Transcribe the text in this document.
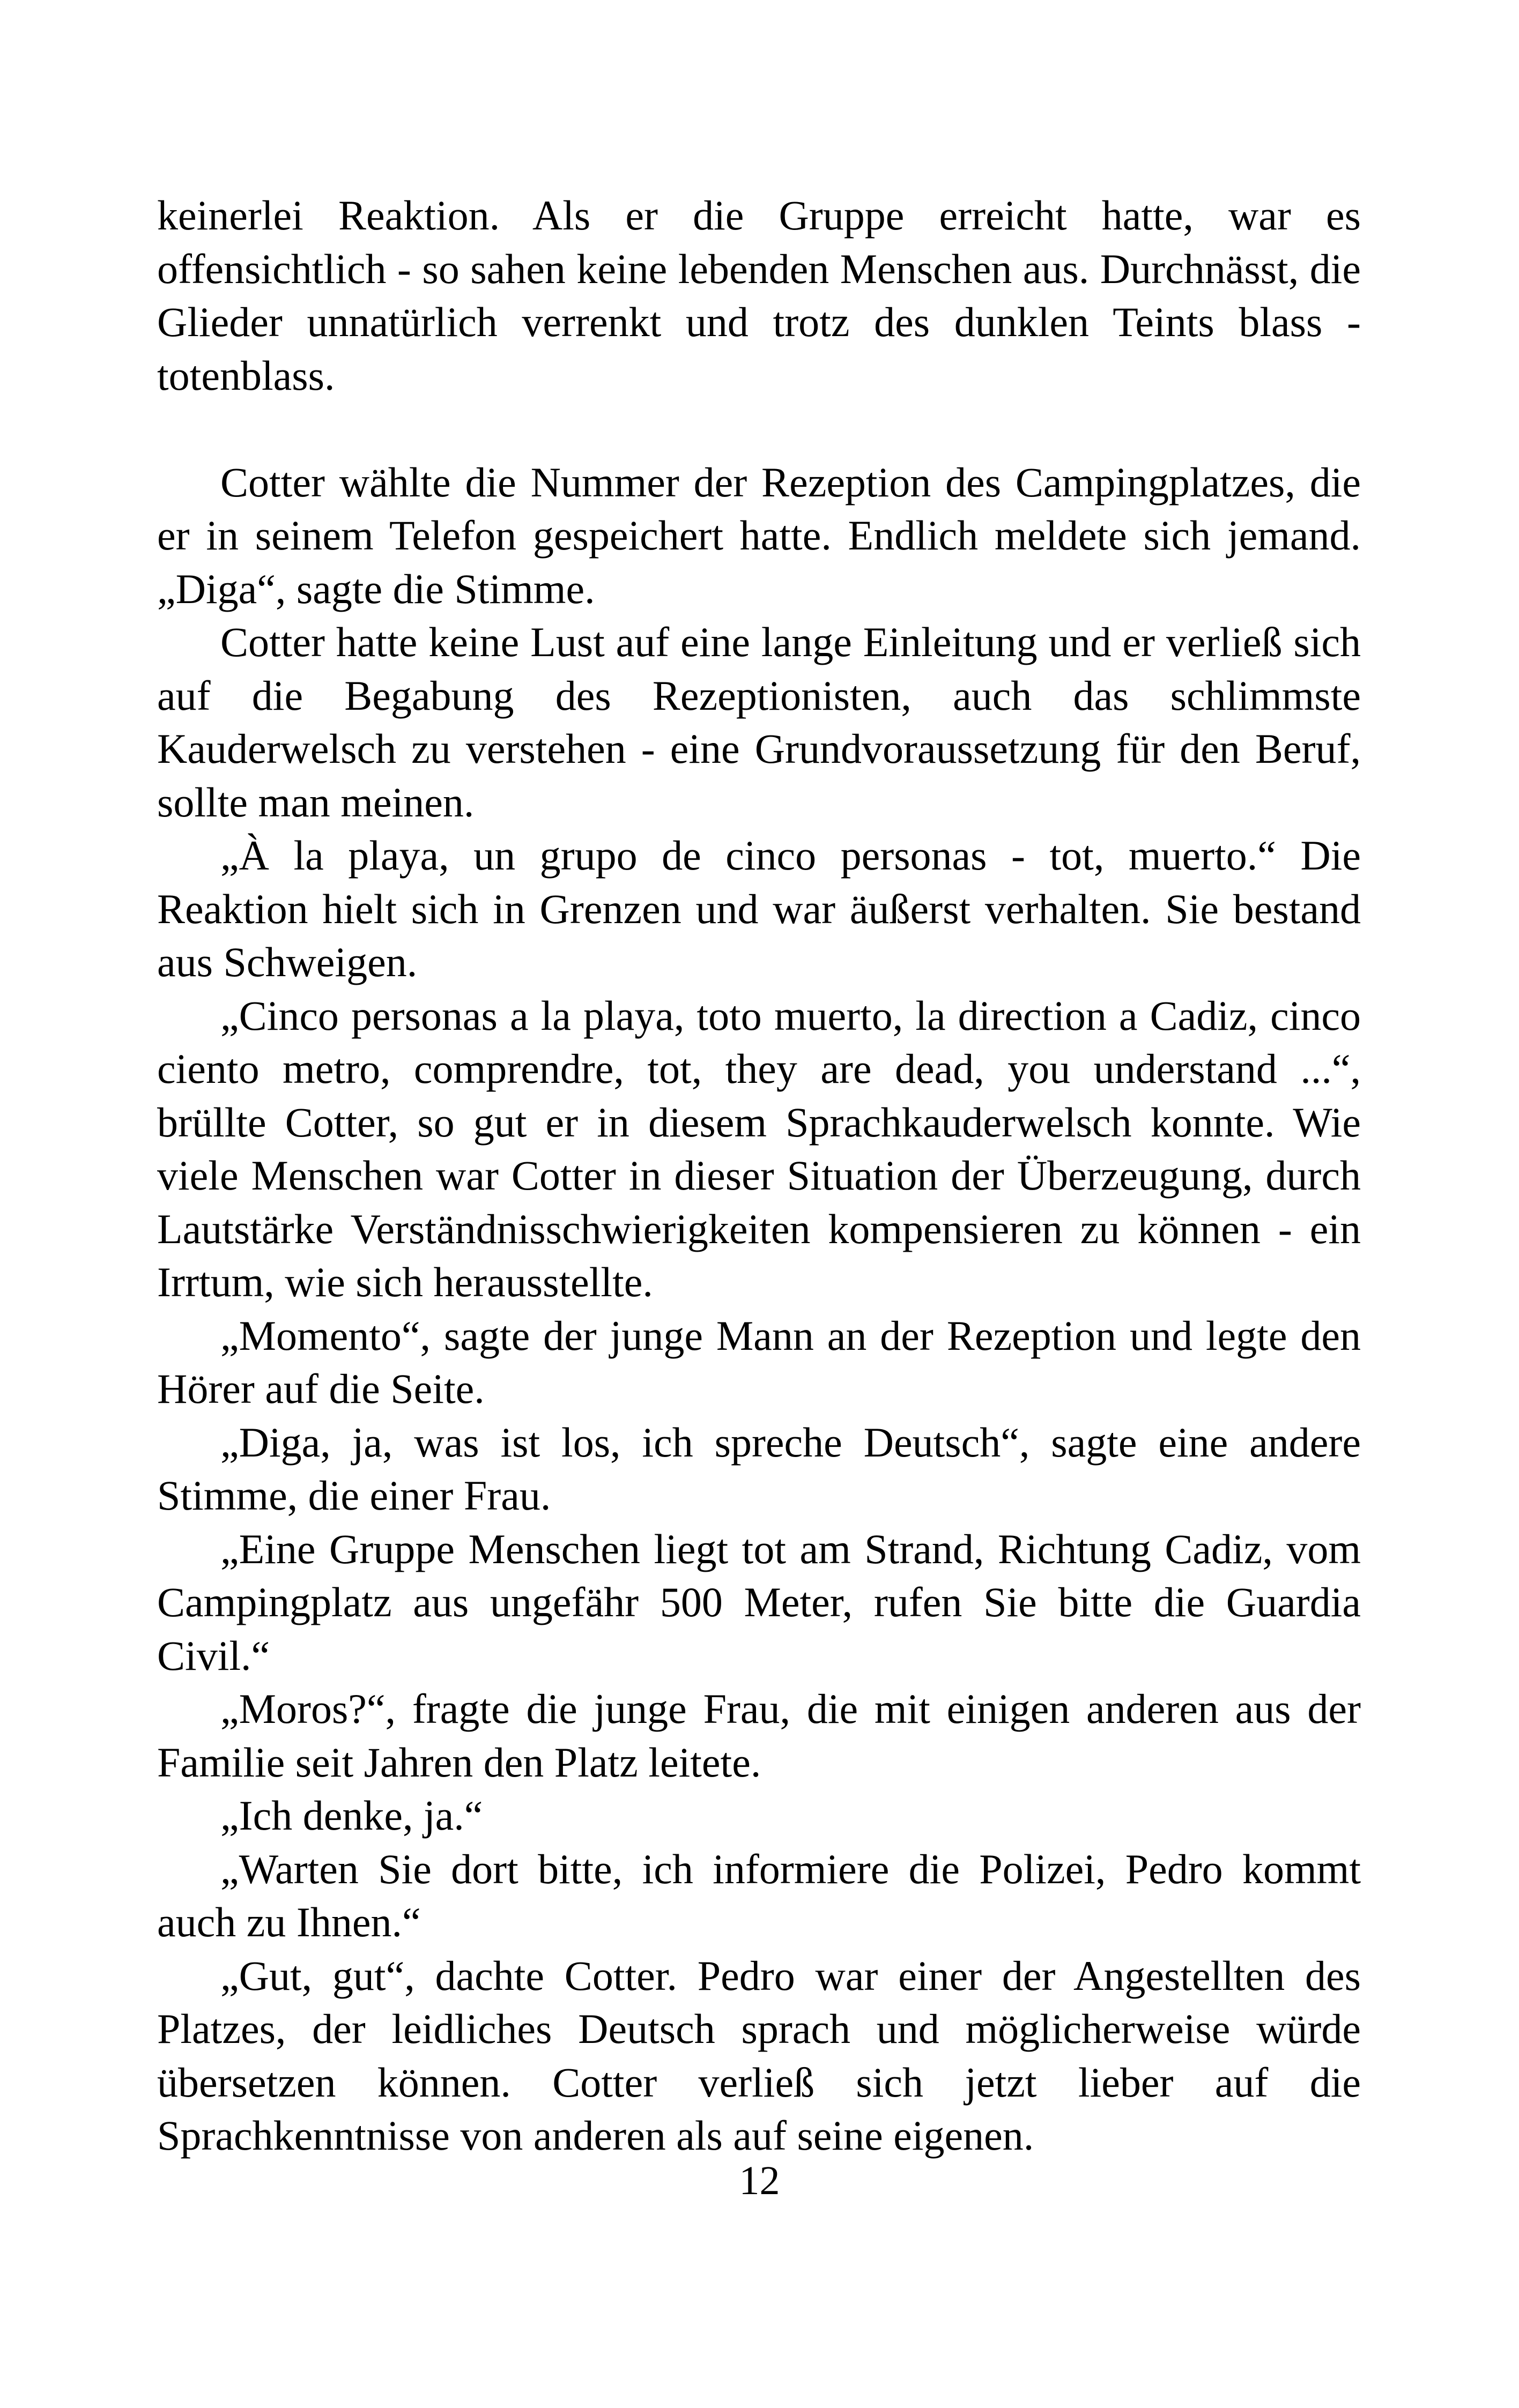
keinerlei Reaktion. Als er die Gruppe erreicht hatte, war es offensichtlich - so sahen keine lebenden Menschen aus. Durchnässt, die Glieder unnatürlich verrenkt und trotz des dunklen Teints blass - totenblass.

Cotter wählte die Nummer der Rezeption des Campingplatzes, die er in seinem Telefon gespeichert hatte. Endlich meldete sich jemand. „Diga“, sagte die Stimme.

Cotter hatte keine Lust auf eine lange Einleitung und er verließ sich auf die Begabung des Rezeptionisten, auch das schlimmste Kauderwelsch zu verstehen - eine Grundvoraussetzung für den Beruf, sollte man meinen.

„À la playa, un grupo de cinco personas - tot, muerto.“ Die Reaktion hielt sich in Grenzen und war äußerst verhalten. Sie bestand aus Schweigen.

„Cinco personas a la playa, toto muerto, la direction a Cadiz, cinco ciento metro, comprendre, tot, they are dead, you understand ...“, brüllte Cotter, so gut er in diesem Sprachkauderwelsch konnte. Wie viele Menschen war Cotter in dieser Situation der Überzeugung, durch Lautstärke Verständnisschwierigkeiten kompensieren zu können - ein Irrtum, wie sich herausstellte.

„Momento“, sagte der junge Mann an der Rezeption und legte den Hörer auf die Seite.

„Diga, ja, was ist los, ich spreche Deutsch“, sagte eine andere Stimme, die einer Frau.

„Eine Gruppe Menschen liegt tot am Strand, Richtung Cadiz, vom Campingplatz aus ungefähr 500 Meter, rufen Sie bitte die Guardia Civil.“

„Moros?“, fragte die junge Frau, die mit einigen anderen aus der Familie seit Jahren den Platz leitete.

„Ich denke, ja.“

„Warten Sie dort bitte, ich informiere die Polizei, Pedro kommt auch zu Ihnen.“

„Gut, gut“, dachte Cotter. Pedro war einer der Angestellten des Platzes, der leidliches Deutsch sprach und möglicherweise würde übersetzen können. Cotter verließ sich jetzt lieber auf die Sprachkenntnisse von anderen als auf seine eigenen.

12
